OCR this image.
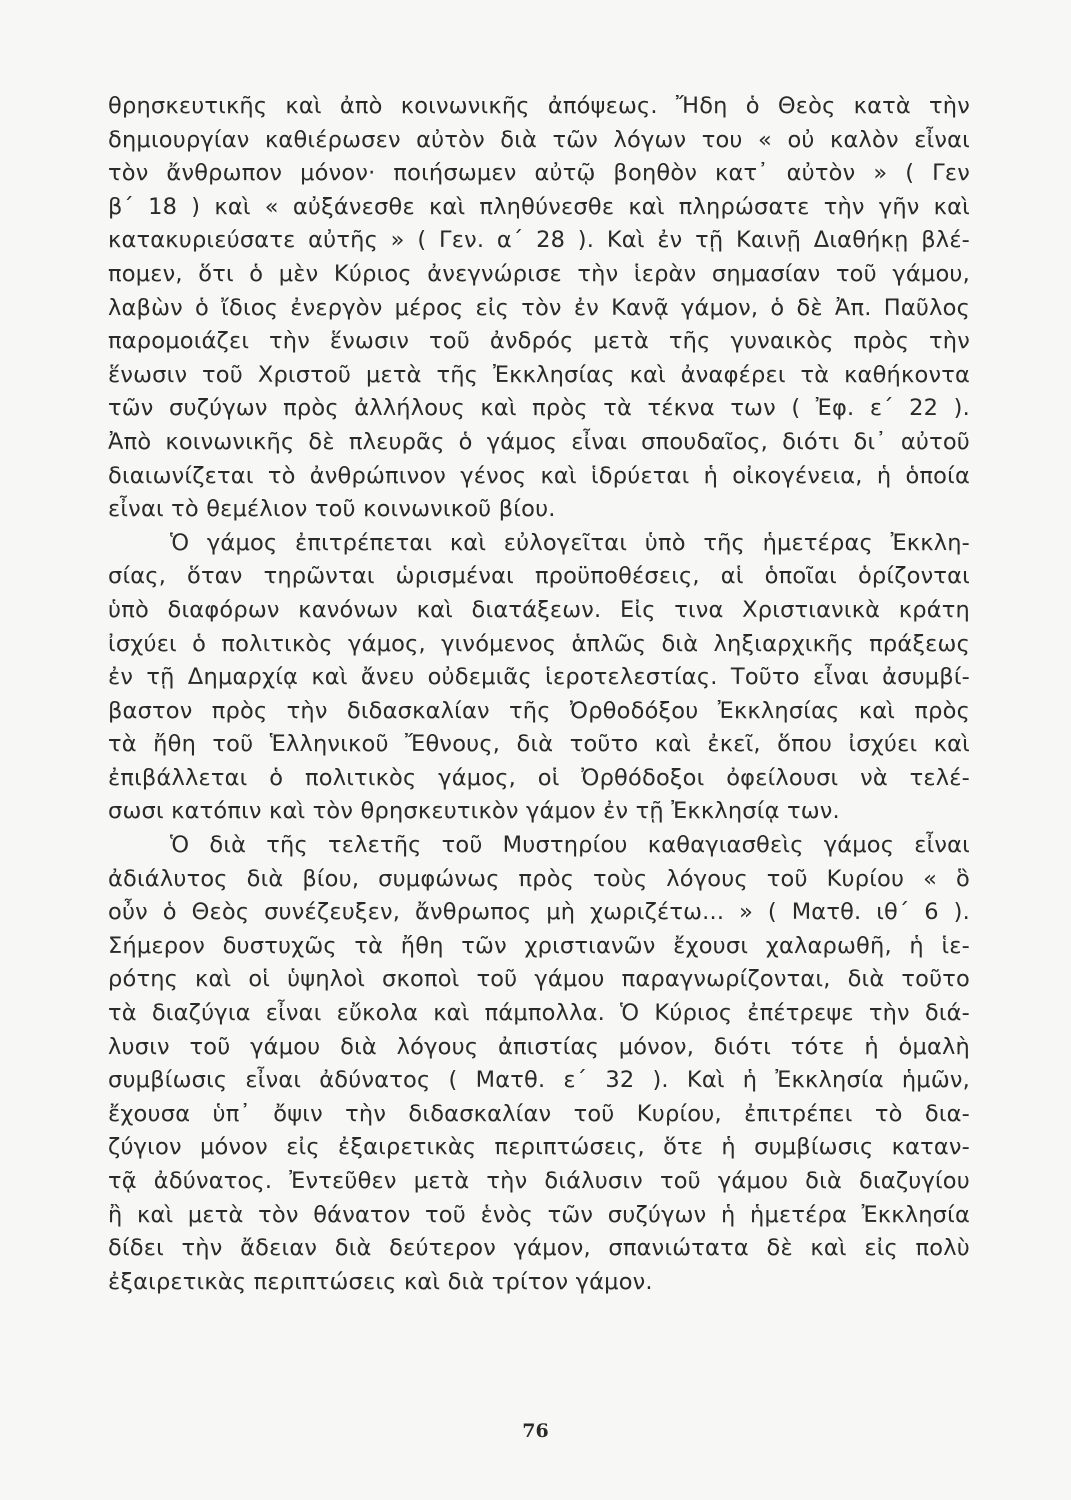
θρησκευτικῆς καὶ ἀπὸ κοινωνικῆς ἀπόψεως. Ἤδη ὁ Θεὸς κατὰ τὴν
δημιουργίαν καθιέρωσεν αὐτὸν διὰ τῶν λόγων του « οὐ καλὸν εἶναι
τὸν ἄνθρωπον μόνον· ποιήσωμεν αὐτῷ βοηθὸν κατ᾽ αὐτὸν » ( Γεν
β΄ 18 ) καὶ « αὐξάνεσθε καὶ πληθύνεσθε καὶ πληρώσατε τὴν γῆν καὶ
κατακυριεύσατε αὐτῆς » ( Γεν. α΄ 28 ). Καὶ ἐν τῇ Καινῇ Διαθήκῃ βλέ-
πομεν, ὅτι ὁ μὲν Κύριος ἀνεγνώρισε τὴν ἱερὰν σημασίαν τοῦ γάμου,
λαβὼν ὁ ἴδιος ἐνεργὸν μέρος εἰς τὸν ἐν Κανᾷ γάμον, ὁ δὲ Ἀπ. Παῦλος
παρομοιάζει τὴν ἕνωσιν τοῦ ἀνδρός μετὰ τῆς γυναικὸς πρὸς τὴν
ἕνωσιν τοῦ Χριστοῦ μετὰ τῆς Ἐκκλησίας καὶ ἀναφέρει τὰ καθήκοντα
τῶν συζύγων πρὸς ἀλλήλους καὶ πρὸς τὰ τέκνα των ( Ἐφ. ε΄ 22 ).
Ἀπὸ κοινωνικῆς δὲ πλευρᾶς ὁ γάμος εἶναι σπουδαῖος, διότι δι᾽ αὐτοῦ
διαιωνίζεται τὸ ἀνθρώπινον γένος καὶ ἱδρύεται ἡ οἰκογένεια, ἡ ὁποία
εἶναι τὸ θεμέλιον τοῦ κοινωνικοῦ βίου.
Ὁ γάμος ἐπιτρέπεται καὶ εὐλογεῖται ὑπὸ τῆς ἡμετέρας Ἐκκλη-
σίας, ὅταν τηρῶνται ὡρισμέναι προϋποθέσεις, αἱ ὁποῖαι ὁρίζονται
ὑπὸ διαφόρων κανόνων καὶ διατάξεων. Εἰς τινα Χριστιανικὰ κράτη
ἰσχύει ὁ πολιτικὸς γάμος, γινόμενος ἁπλῶς διὰ ληξιαρχικῆς πράξεως
ἐν τῇ Δημαρχίᾳ καὶ ἄνευ οὐδεμιᾶς ἱεροτελεστίας. Τοῦτο εἶναι ἀσυμβί-
βαστον πρὸς τὴν διδασκαλίαν τῆς Ὀρθοδόξου Ἐκκλησίας καὶ πρὸς
τὰ ἤθη τοῦ Ἑλληνικοῦ Ἔθνους, διὰ τοῦτο καὶ ἐκεῖ, ὅπου ἰσχύει καὶ
ἐπιβάλλεται ὁ πολιτικὸς γάμος, οἱ Ὀρθόδοξοι ὀφείλουσι νὰ τελέ-
σωσι κατόπιν καὶ τὸν θρησκευτικὸν γάμον ἐν τῇ Ἐκκλησίᾳ των.
Ὁ διὰ τῆς τελετῆς τοῦ Μυστηρίου καθαγιασθεὶς γάμος εἶναι
ἀδιάλυτος διὰ βίου, συμφώνως πρὸς τοὺς λόγους τοῦ Κυρίου « ὃ
οὖν ὁ Θεὸς συνέζευξεν, ἄνθρωπος μὴ χωριζέτω... » ( Ματθ. ιθ΄ 6 ).
Σήμερον δυστυχῶς τὰ ἤθη τῶν χριστιανῶν ἔχουσι χαλαρωθῆ, ἡ ἱε-
ρότης καὶ οἱ ὑψηλοὶ σκοποὶ τοῦ γάμου παραγνωρίζονται, διὰ τοῦτο
τὰ διαζύγια εἶναι εὔκολα καὶ πάμπολλα. Ὁ Κύριος ἐπέτρεψε τὴν διά-
λυσιν τοῦ γάμου διὰ λόγους ἀπιστίας μόνον, διότι τότε ἡ ὁμαλὴ
συμβίωσις εἶναι ἀδύνατος ( Ματθ. ε΄ 32 ). Καὶ ἡ Ἐκκλησία ἡμῶν,
ἔχουσα ὑπ᾽ ὄψιν τὴν διδασκαλίαν τοῦ Κυρίου, ἐπιτρέπει τὸ δια-
ζύγιον μόνον εἰς ἐξαιρετικὰς περιπτώσεις, ὅτε ἡ συμβίωσις καταν-
τᾷ ἀδύνατος. Ἐντεῦθεν μετὰ τὴν διάλυσιν τοῦ γάμου διὰ διαζυγίου
ἢ καὶ μετὰ τὸν θάνατον τοῦ ἑνὸς τῶν συζύγων ἡ ἡμετέρα Ἐκκλησία
δίδει τὴν ἄδειαν διὰ δεύτερον γάμον, σπανιώτατα δὲ καὶ εἰς πολὺ
ἐξαιρετικὰς περιπτώσεις καὶ διὰ τρίτον γάμον.
76
